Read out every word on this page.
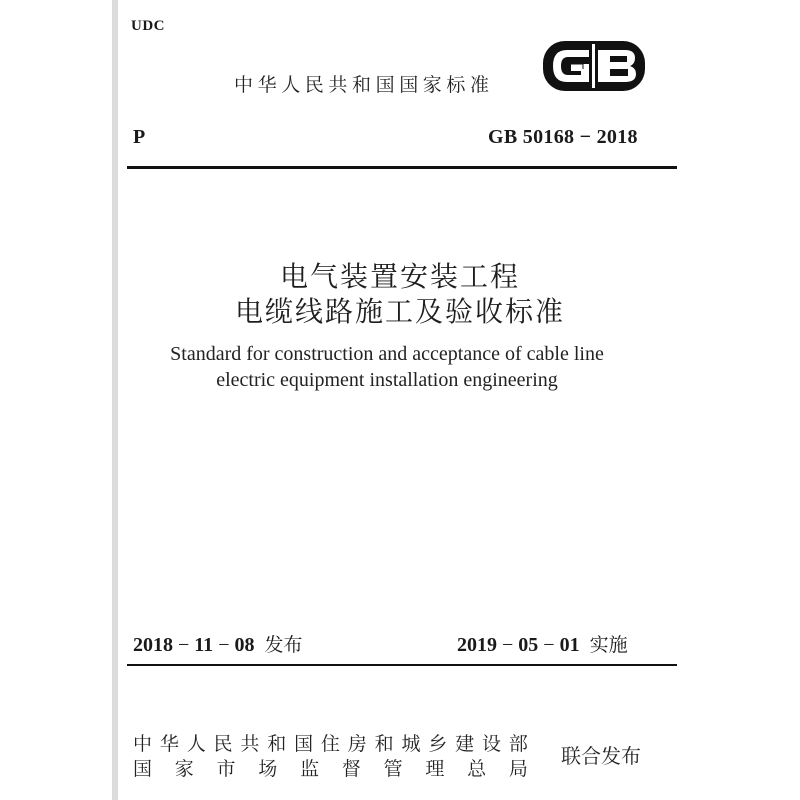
UDC
中华人民共和国国家标准
P	GB 50168 − 2018
电气装置安装工程
电缆线路施工及验收标准
Standard for construction and acceptance of cable line
electric equipment installation engineering
2018 − 11 − 08 发布	2019 − 05 − 01 实施
中 华 人 民 共 和 国 住 房 和 城 乡 建 设 部
国 家 市 场 监 督 管 理 总 局
联合发布
